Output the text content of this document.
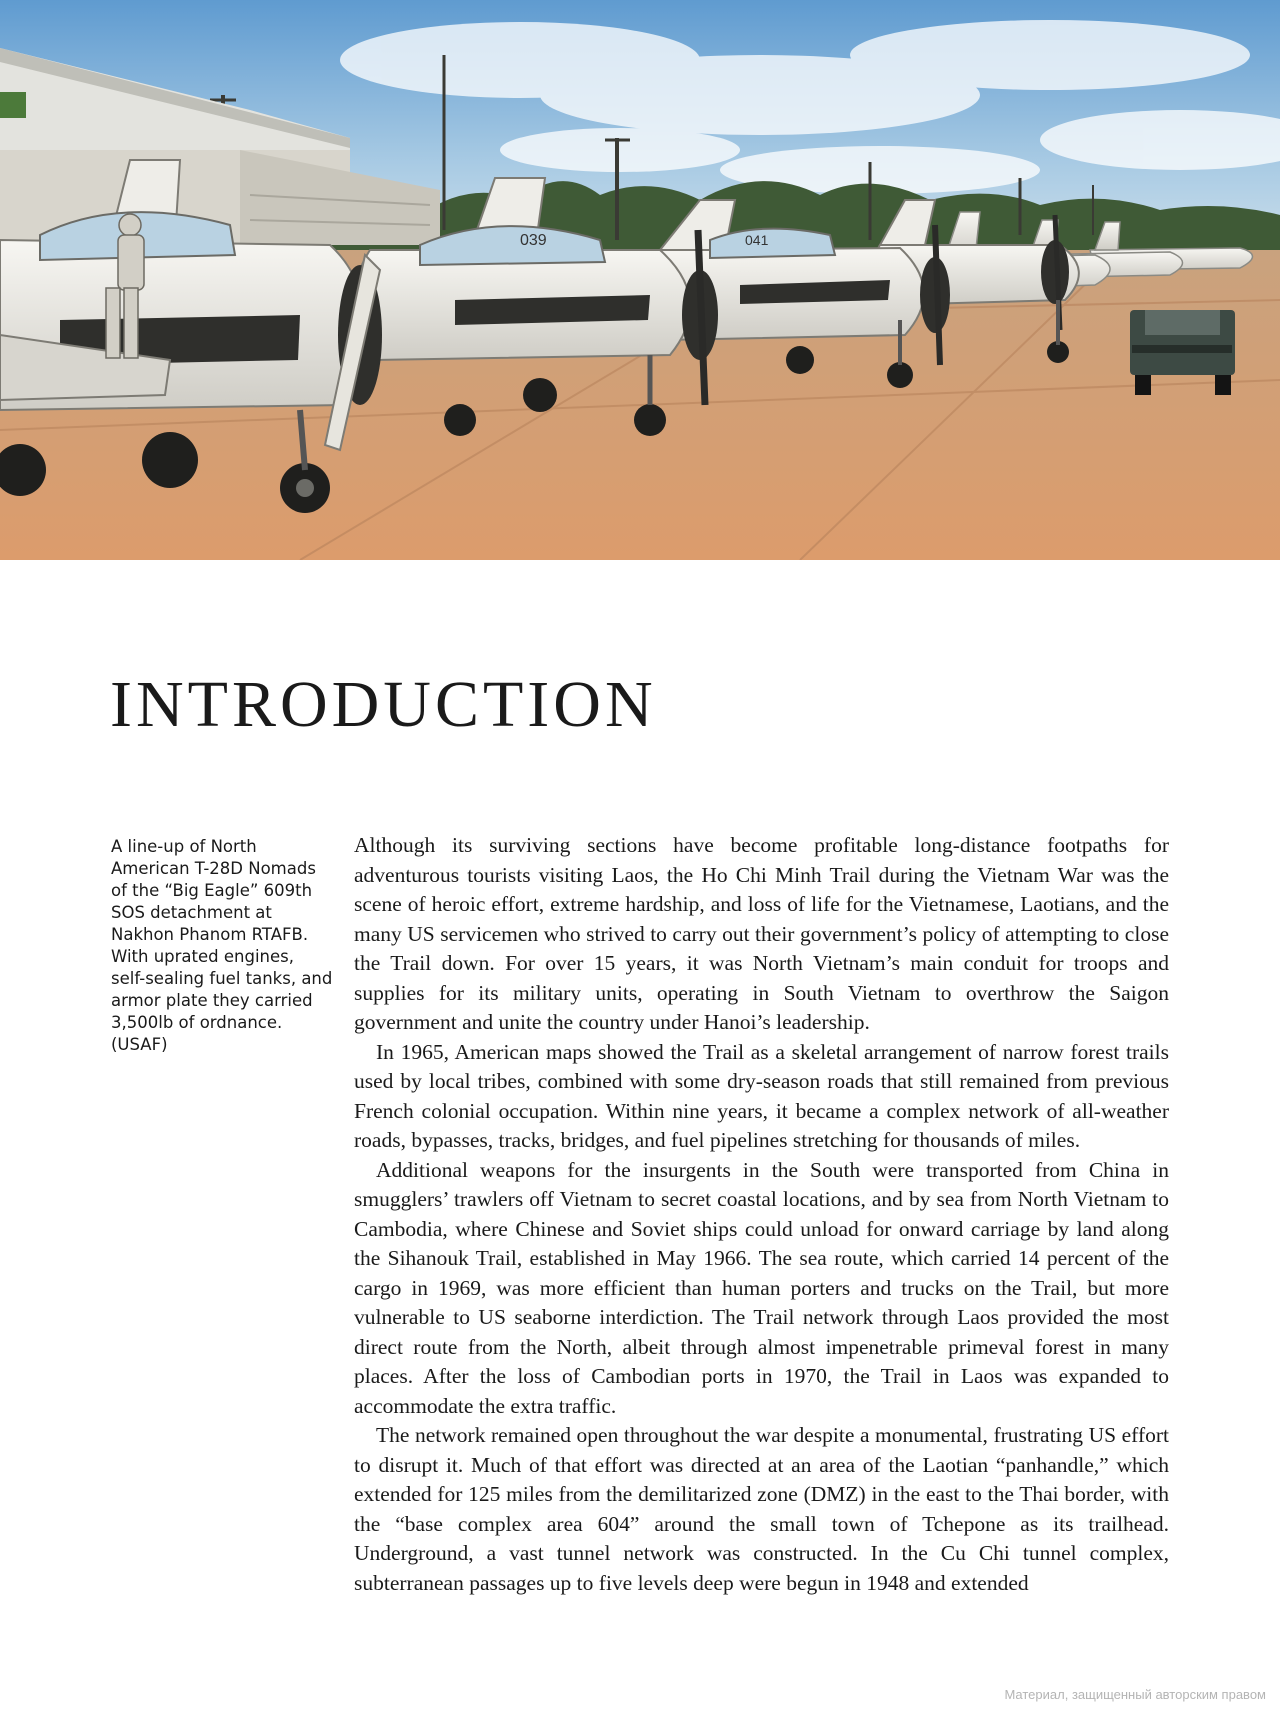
041
039
INTRODUCTION

A line-up of North American T-28D Nomads of the “Big Eagle” 609th SOS detachment at Nakhon Phanom RTAFB. With uprated engines, self-sealing fuel tanks, and armor plate they carried 3,500lb of ordnance. (USAF)

Although its surviving sections have become profitable long-distance footpaths for adventurous tourists visiting Laos, the Ho Chi Minh Trail during the Vietnam War was the scene of heroic effort, extreme hardship, and loss of life for the Vietnamese, Laotians, and the many US servicemen who strived to carry out their government’s policy of attempting to close the Trail down. For over 15 years, it was North Vietnam’s main conduit for troops and supplies for its military units, operating in South Vietnam to overthrow the Saigon government and unite the country under Hanoi’s leadership.

In 1965, American maps showed the Trail as a skeletal arrangement of narrow forest trails used by local tribes, combined with some dry-season roads that still remained from previous French colonial occupation. Within nine years, it became a complex network of all-weather roads, bypasses, tracks, bridges, and fuel pipelines stretching for thousands of miles.

Additional weapons for the insurgents in the South were transported from China in smugglers’ trawlers off Vietnam to secret coastal locations, and by sea from North Vietnam to Cambodia, where Chinese and Soviet ships could unload for onward carriage by land along the Sihanouk Trail, established in May 1966. The sea route, which carried 14 percent of the cargo in 1969, was more efficient than human porters and trucks on the Trail, but more vulnerable to US seaborne interdiction. The Trail network through Laos provided the most direct route from the North, albeit through almost impenetrable primeval forest in many places. After the loss of Cambodian ports in 1970, the Trail in Laos was expanded to accommodate the extra traffic.

The network remained open throughout the war despite a monumental, frustrating US effort to disrupt it. Much of that effort was directed at an area of the Laotian “panhandle,” which extended for 125 miles from the demilitarized zone (DMZ) in the east to the Thai border, with the “base complex area 604” around the small town of Tchepone as its trailhead. Underground, a vast tunnel network was constructed. In the Cu Chi tunnel complex, subterranean passages up to five levels deep were begun in 1948 and extended

Материал, защищенный авторским правом
